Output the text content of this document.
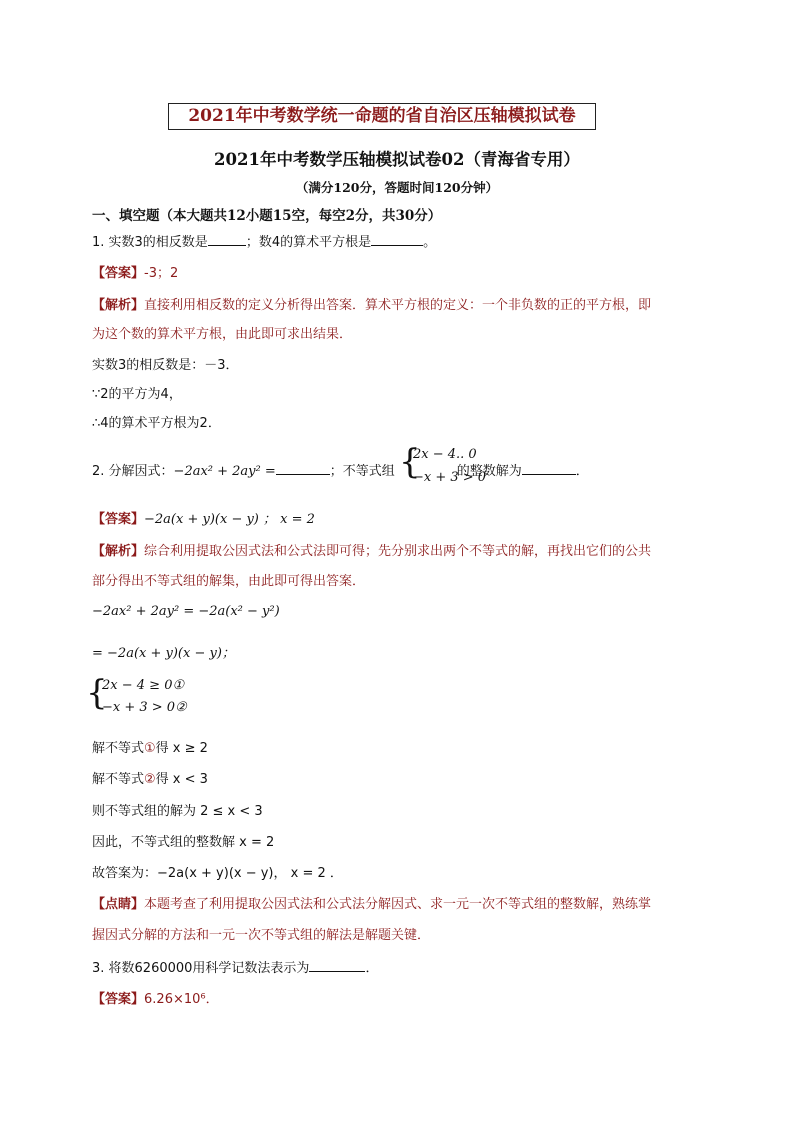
2021年中考数学统一命题的省自治区压轴模拟试卷
2021年中考数学压轴模拟试卷02（青海省专用）
（满分120分，答题时间120分钟）
一、填空题（本大题共12小题15空，每空2分，共30分）
1. 实数3的相反数是	；数4的算术平方根是	。
【答案】-3；2
【解析】直接利用相反数的定义分析得出答案．算术平方根的定义：一个非负数的正的平方根，即
为这个数的算术平方根，由此即可求出结果．
实数3的相反数是：－3．
∵2的平方为4，
∴4的算术平方根为2．
2. 分解因式：−2ax² + 2ay² =	；不等式组	的整数解为	．
{
2x − 4.. 0
−x + 3 > 0
【答案】−2a(x + y)(x − y) ； x = 2
【解析】综合利用提取公因式法和公式法即可得；先分别求出两个不等式的解，再找出它们的公共
部分得出不等式组的解集，由此即可得出答案．
−2ax² + 2ay² = −2a(x² − y²)
= −2a(x + y)(x − y)；
{
2x − 4 ≥ 0①
−x + 3 > 0②
解不等式①得 x ≥ 2
解不等式②得 x < 3
则不等式组的解为 2 ≤ x < 3
因此，不等式组的整数解 x = 2
故答案为：−2a(x + y)(x − y)， x = 2 ．
【点睛】本题考查了利用提取公因式法和公式法分解因式、求一元一次不等式组的整数解，熟练掌
握因式分解的方法和一元一次不等式组的解法是解题关键．
3. 将数6260000用科学记数法表示为	．
【答案】6.26×10⁶．
